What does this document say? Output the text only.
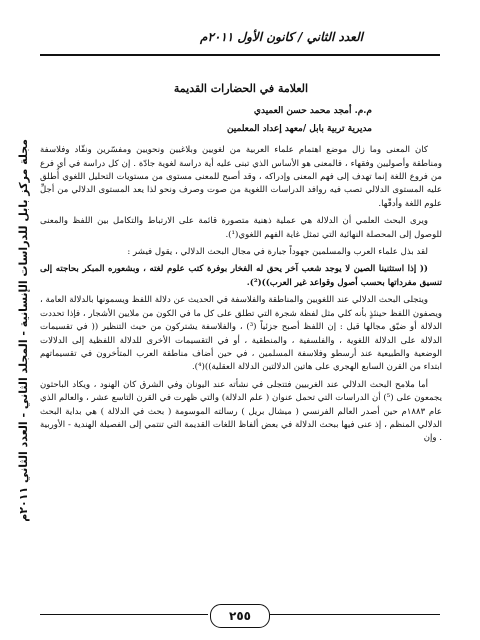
العدد الثاني / كانون الأول ٢٠١١م
مجلة مركز بابل للدراسات الإنسانية - المجلد الثاني - العدد الثاني ٢٠١١م
العلامة في الحضارات القديمة
م.م. أمجد محمد حسن العميدي
مديرية تربية بابل /معهد إعداد المعلمين

كان المعنى وما زال موضع اهتمام علماء العربية من لغويين وبلاغيين ونحويين ومفسّرين ونقّاد وفلاسفة ومناطقة وأصوليين وفقهاء ، فالمعنى هو الأساس الذي تبنى عليه أية دراسة لغوية جادّة . إن كل دراسة في أي فرع من فروع اللغة إنما تهدف إلى فهم المعنى وإدراكه ، وقد أصبح للمعنى مستوى من مستويات التحليل اللغوي أُطلق عليه المستوى الدلالي تصب فيه روافد الدراسات اللغوية من صوت وصرف ونحو لذا يعد المستوى الدلالي من أجلِّ علوم اللغة وأدقّها.

ويرى البحث العلمي أن الدلالة هي عملية ذهنية متصورة قائمة على الارتباط والتكامل بين اللفظ والمعنى للوصول إلى المحصلة النهائية التي تمثل غاية الفهم اللغوي(¹).

لقد بذل علماء العرب والمسلمين جهوداً جبارة في مجال البحث الدلالي ، يقول فيشر :

(( إذا استثنينا الصين لا يوجد شعب آخر يحق له الفخار بوفرة كتب علوم لغته ، وبشعوره المبكر بحاجته إلى تنسيق مفرداتها بحسب أصول وقواعد غير العرب))(²).

ويتجلى البحث الدلالي عند اللغويين والمناطقة والفلاسفة في الحديث عن دلالة اللفظ ويسمونها بالدلالة العامة ، ويصفون اللفظ حينئذٍ بأنه كلي مثل لفظة شجرة التي تطلق على كل ما في الكون من ملايين الأشجار ، فإذا تحددت الدلالة أو ضيّق مجالها قيل : إن اللفظ أصبح جزئياً (³) ، والفلاسفة يشتركون من حيث التنظير (( في تقسيمات الدلالة على الدلالة اللغوية ، والفلسفية ، والمنطقية ، أو في التقسيمات الأخرى للدلالة اللفظية إلى الدلالات الوضعية والطبيعية عند أرسطو وفلاسفة المسلمين ، في حين أضاف مناطقة العرب المتأخرون في تقسيماتهم ابتداء من القرن السابع الهجري على هاتين الدلالتين الدلالة العقلية))(⁴).

أما ملامح البحث الدلالي عند الغربيين فتتجلى في نشأته عند اليونان وفي الشرق كان الهنود ، ويكاد الباحثون يجمعون على (⁵) أن الدراسات التي تحمل عنوان ( علم الدلالة) والتي ظهرت في القرن التاسع عشر ، والعالم الذي عام ١٨٨٣م حين أصدر العالم الفرنسي ( ميشال بريل ) رسالته الموسومة ( بحث في الدلالة ) هي بداية البحث الدلالي المنظم ، إذ عنى فيها ببحث الدلالة في بعض ألفاظ اللغات القديمة التي تنتمي إلى الفصيلة الهندية - الأوربية . وإن

٢٥٥
